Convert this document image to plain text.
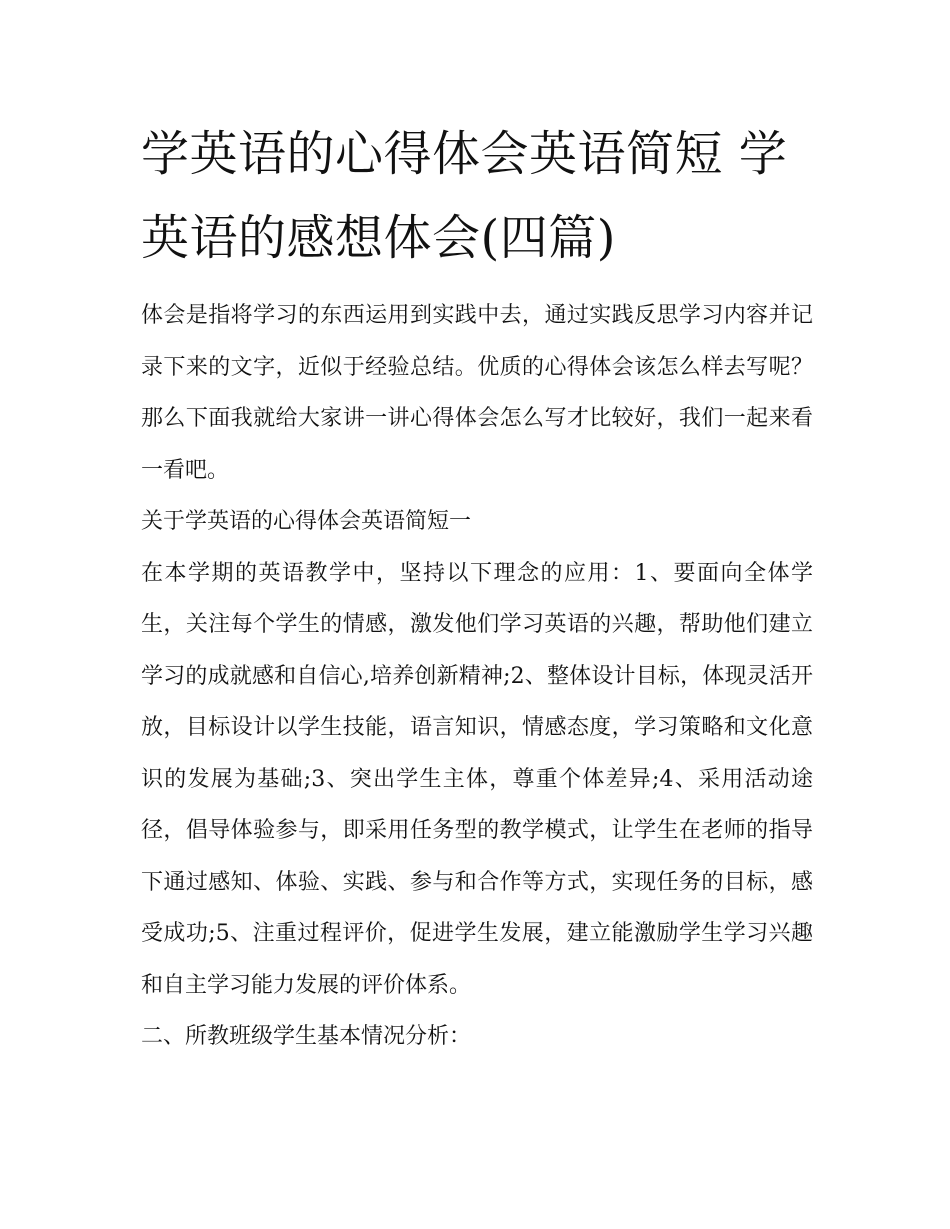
学英语的心得体会英语简短 学英语的感想体会(四篇)

体会是指将学习的东西运用到实践中去，通过实践反思学习内容并记录下来的文字，近似于经验总结。优质的心得体会该怎么样去写呢？那么下面我就给大家讲一讲心得体会怎么写才比较好，我们一起来看一看吧。

关于学英语的心得体会英语简短一

在本学期的英语教学中，坚持以下理念的应用：1、要面向全体学生，关注每个学生的情感，激发他们学习英语的兴趣，帮助他们建立学习的成就感和自信心,培养创新精神;2、整体设计目标，体现灵活开放，目标设计以学生技能，语言知识，情感态度，学习策略和文化意识的发展为基础;3、突出学生主体，尊重个体差异;4、采用活动途径，倡导体验参与，即采用任务型的教学模式，让学生在老师的指导下通过感知、体验、实践、参与和合作等方式，实现任务的目标，感受成功;5、注重过程评价，促进学生发展，建立能激励学生学习兴趣和自主学习能力发展的评价体系。

二、所教班级学生基本情况分析：
